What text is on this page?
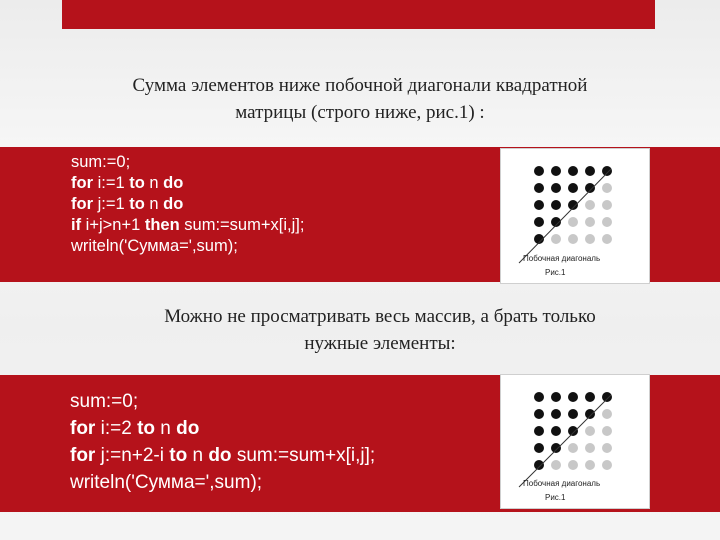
Сумма элементов ниже побочной диагонали квадратной
матрицы (строго ниже, рис.1) :
sum:=0;
for i:=1 to n do
for j:=1 to n do
if i+j>n+1 then sum:=sum+x[i,j];
writeln('Сумма=',sum);
Побочная диагональ
Рис.1
Можно не просматривать весь массив, а брать только
нужные элементы:
sum:=0;
for i:=2 to n do
for j:=n+2-i to n do sum:=sum+x[i,j];
writeln('Сумма=',sum);	Побочная диагональ
Рис.1
